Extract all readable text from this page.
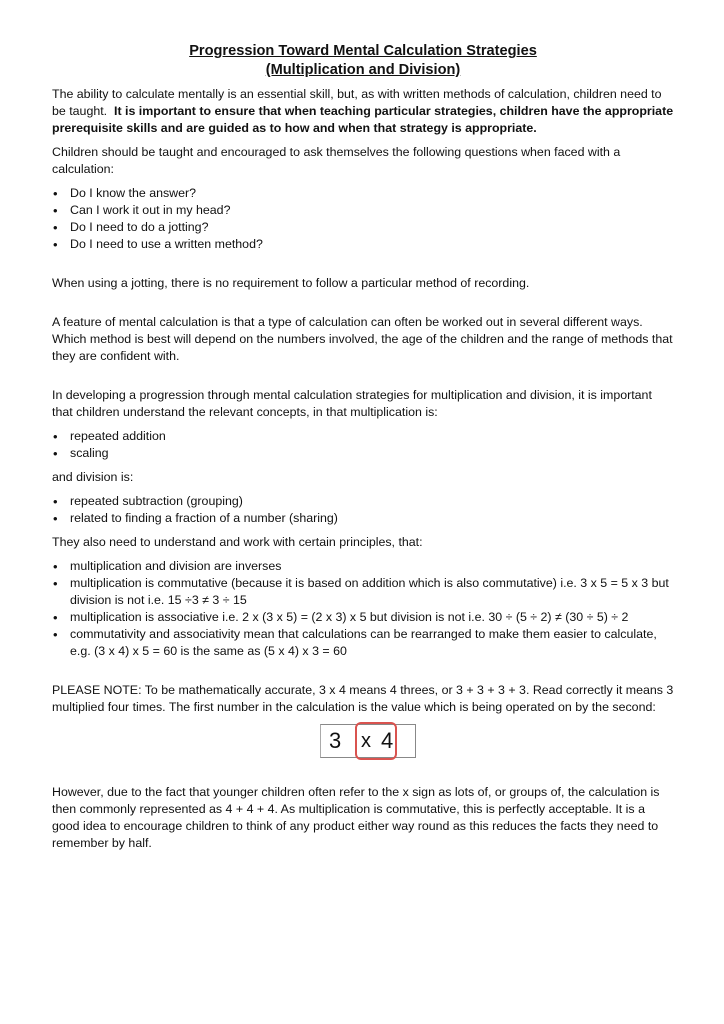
Progression Toward Mental Calculation Strategies
(Multiplication and Division)

The ability to calculate mentally is an essential skill, but, as with written methods of calculation, children need to be taught. It is important to ensure that when teaching particular strategies, children have the appropriate prerequisite skills and are guided as to how and when that strategy is appropriate.

Children should be taught and encouraged to ask themselves the following questions when faced with a calculation:

• Do I know the answer?
• Can I work it out in my head?
• Do I need to do a jotting?
• Do I need to use a written method?

When using a jotting, there is no requirement to follow a particular method of recording.

A feature of mental calculation is that a type of calculation can often be worked out in several different ways. Which method is best will depend on the numbers involved, the age of the children and the range of methods that they are confident with.

In developing a progression through mental calculation strategies for multiplication and division, it is important that children understand the relevant concepts, in that multiplication is:

• repeated addition
• scaling

and division is:

• repeated subtraction (grouping)
• related to finding a fraction of a number (sharing)

They also need to understand and work with certain principles, that:

• multiplication and division are inverses
• multiplication is commutative (because it is based on addition which is also commutative) i.e. 3 x 5 = 5 x 3 but division is not i.e. 15 ÷3 ≠ 3 ÷ 15
• multiplication is associative i.e. 2 x (3 x 5) = (2 x 3) x 5 but division is not i.e. 30 ÷ (5 ÷ 2) ≠ (30 ÷ 5) ÷ 2
• commutativity and associativity mean that calculations can be rearranged to make them easier to calculate, e.g. (3 x 4) x 5 = 60 is the same as (5 x 4) x 3 = 60

PLEASE NOTE: To be mathematically accurate, 3 x 4 means 4 threes, or 3 + 3 + 3 + 3. Read correctly it means 3 multiplied four times. The first number in the calculation is the value which is being operated on by the second:

3 x 4

However, due to the fact that younger children often refer to the x sign as lots of, or groups of, the calculation is then commonly represented as 4 + 4 + 4. As multiplication is commutative, this is perfectly acceptable. It is a good idea to encourage children to think of any product either way round as this reduces the facts they need to remember by half.
